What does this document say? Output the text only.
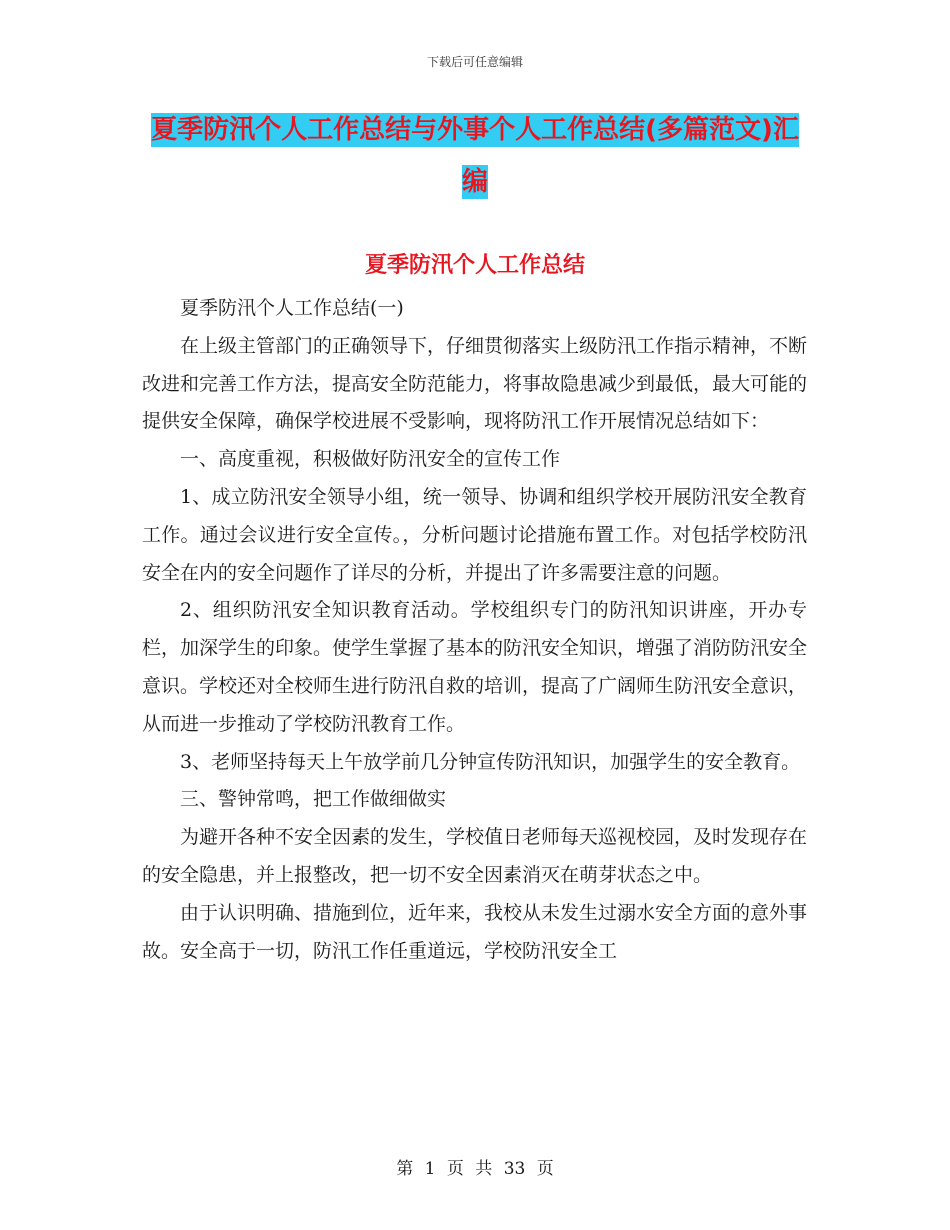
下载后可任意编辑
夏季防汛个人工作总结与外事个人工作总结(多篇范文)汇编
夏季防汛个人工作总结

夏季防汛个人工作总结(一)

在上级主管部门的正确领导下，仔细贯彻落实上级防汛工作指示精神，不断改进和完善工作方法，提高安全防范能力，将事故隐患减少到最低，最大可能的提供安全保障，确保学校进展不受影响，现将防汛工作开展情况总结如下：

一、高度重视，积极做好防汛安全的宣传工作

1、成立防汛安全领导小组，统一领导、协调和组织学校开展防汛安全教育工作。通过会议进行安全宣传。，分析问题讨论措施布置工作。对包括学校防汛安全在内的安全问题作了详尽的分析，并提出了许多需要注意的问题。

2、组织防汛安全知识教育活动。学校组织专门的防汛知识讲座，开办专栏，加深学生的印象。使学生掌握了基本的防汛安全知识，增强了消防防汛安全意识。学校还对全校师生进行防汛自救的培训，提高了广阔师生防汛安全意识，从而进一步推动了学校防汛教育工作。

3、老师坚持每天上午放学前几分钟宣传防汛知识，加强学生的安全教育。

三、警钟常鸣，把工作做细做实

为避开各种不安全因素的发生，学校值日老师每天巡视校园，及时发现存在的安全隐患，并上报整改，把一切不安全因素消灭在萌芽状态之中。

由于认识明确、措施到位，近年来，我校从未发生过溺水安全方面的意外事故。安全高于一切，防汛工作任重道远，学校防汛安全工

第 1 页 共 33 页
